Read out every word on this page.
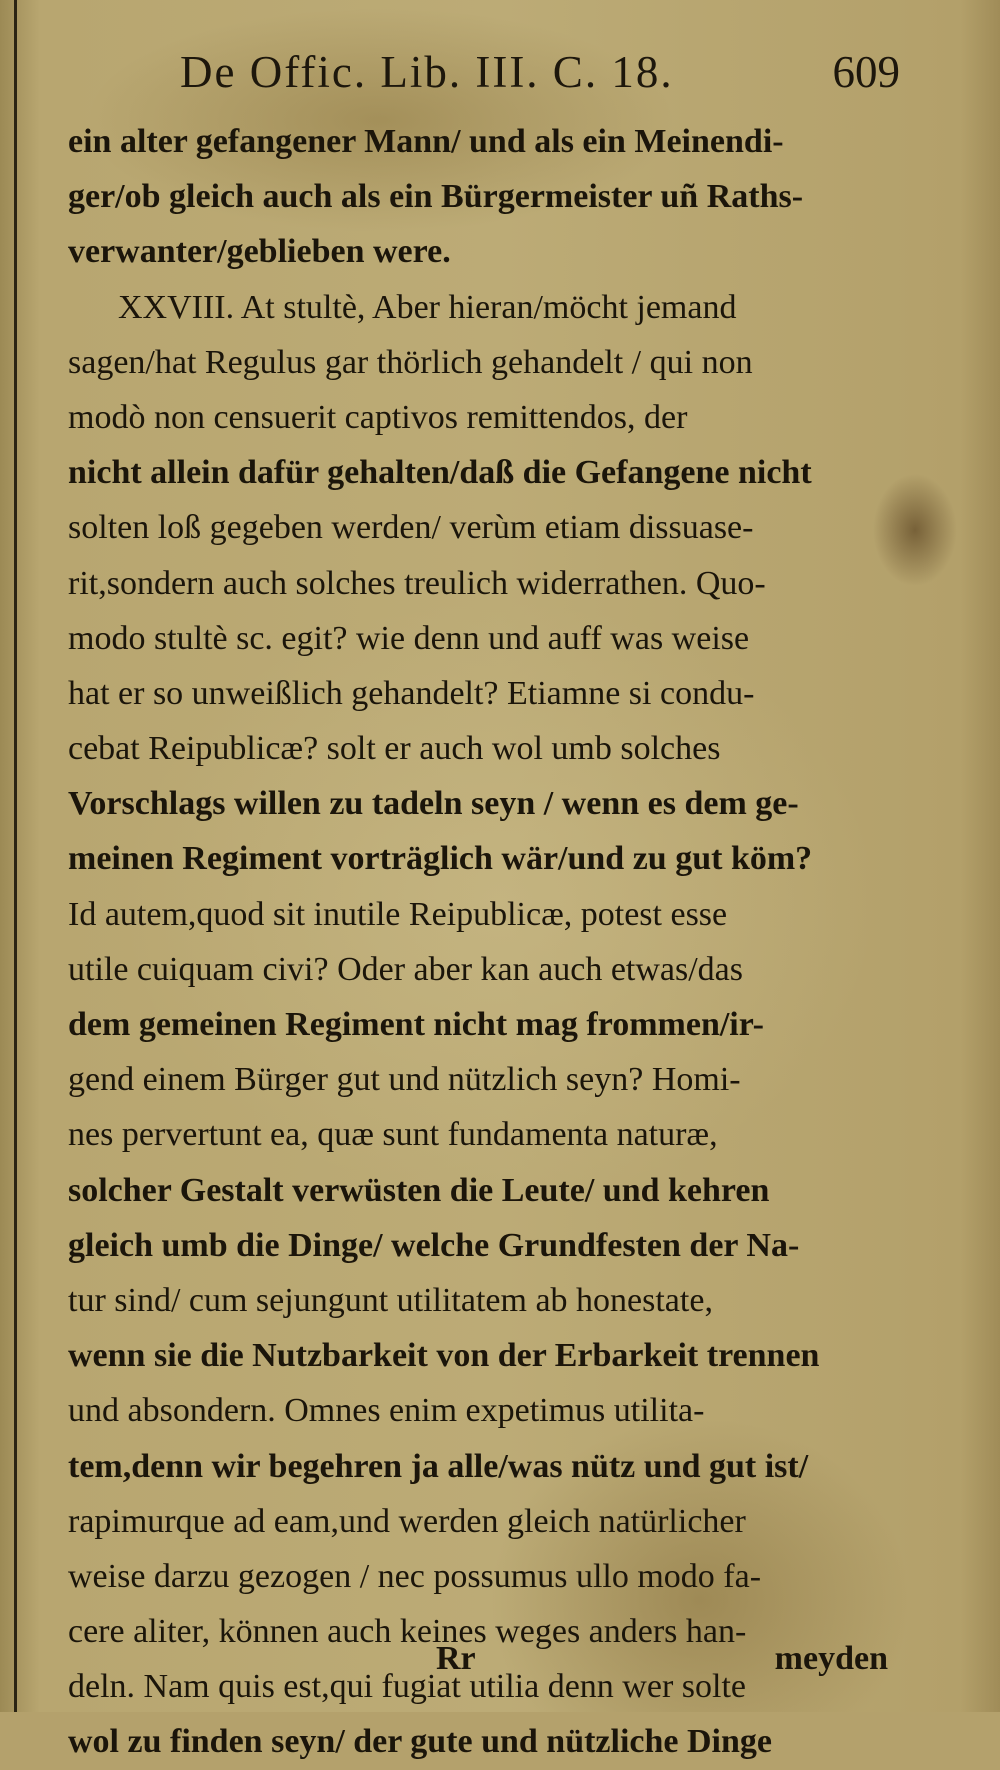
De Offic. Lib. III. C. 18.	609
ein alter gefangener Mann/ und als ein Meinendi-
ger/ob gleich auch als ein Bürgermeister uñ Raths-
verwanter/geblieben were.
XXVIII. At stultè, Aber hieran/möcht jemand
sagen/hat Regulus gar thörlich gehandelt / qui non
modò non censuerit captivos remittendos, der
nicht allein dafür gehalten/daß die Gefangene nicht
solten loß gegeben werden/ verùm etiam dissuase-
rit,sondern auch solches treulich widerrathen. Quo-
modo stultè sc. egit? wie denn und auff was weise
hat er so unweißlich gehandelt? Etiamne si condu-
cebat Reipublicæ? solt er auch wol umb solches
Vorschlags willen zu tadeln seyn / wenn es dem ge-
meinen Regiment vorträglich wär/und zu gut köm?
Id autem,quod sit inutile Reipublicæ, potest esse
utile cuiquam civi? Oder aber kan auch etwas/das
dem gemeinen Regiment nicht mag frommen/ir-
gend einem Bürger gut und nützlich seyn? Homi-
nes pervertunt ea, quæ sunt fundamenta naturæ,
solcher Gestalt verwüsten die Leute/ und kehren
gleich umb die Dinge/ welche Grundfesten der Na-
tur sind/ cum sejungunt utilitatem ab honestate,
wenn sie die Nutzbarkeit von der Erbarkeit trennen
und absondern. Omnes enim expetimus utilita-
tem,denn wir begehren ja alle/was nütz und gut ist/
rapimurque ad eam,und werden gleich natürlicher
weise darzu gezogen / nec possumus ullo modo fa-
cere aliter, können auch keines weges anders han-
deln. Nam quis est,qui fugiat utilia denn wer solte
wol zu finden seyn/ der gute und nützliche Dinge
Rr	meyden
